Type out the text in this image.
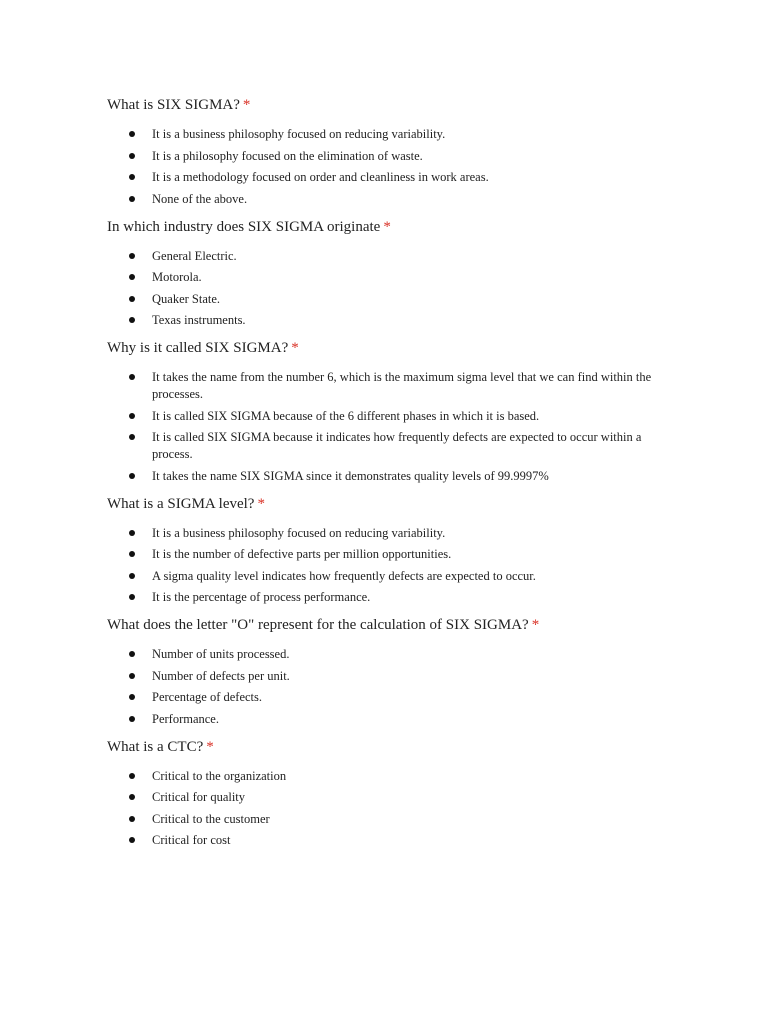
What is SIX SIGMA? *
It is a business philosophy focused on reducing variability.
It is a philosophy focused on the elimination of waste.
It is a methodology focused on order and cleanliness in work areas.
None of the above.
In which industry does SIX SIGMA originate *
General Electric.
Motorola.
Quaker State.
Texas instruments.
Why is it called SIX SIGMA? *
It takes the name from the number 6, which is the maximum sigma level that we can find within the processes.
It is called SIX SIGMA because of the 6 different phases in which it is based.
It is called SIX SIGMA because it indicates how frequently defects are expected to occur within a process.
It takes the name SIX SIGMA since it demonstrates quality levels of 99.9997%
What is a SIGMA level? *
It is a business philosophy focused on reducing variability.
It is the number of defective parts per million opportunities.
A sigma quality level indicates how frequently defects are expected to occur.
It is the percentage of process performance.
What does the letter "O" represent for the calculation of SIX SIGMA? *
Number of units processed.
Number of defects per unit.
Percentage of defects.
Performance.
What is a CTC? *
Critical to the organization
Critical for quality
Critical to the customer
Critical for cost
